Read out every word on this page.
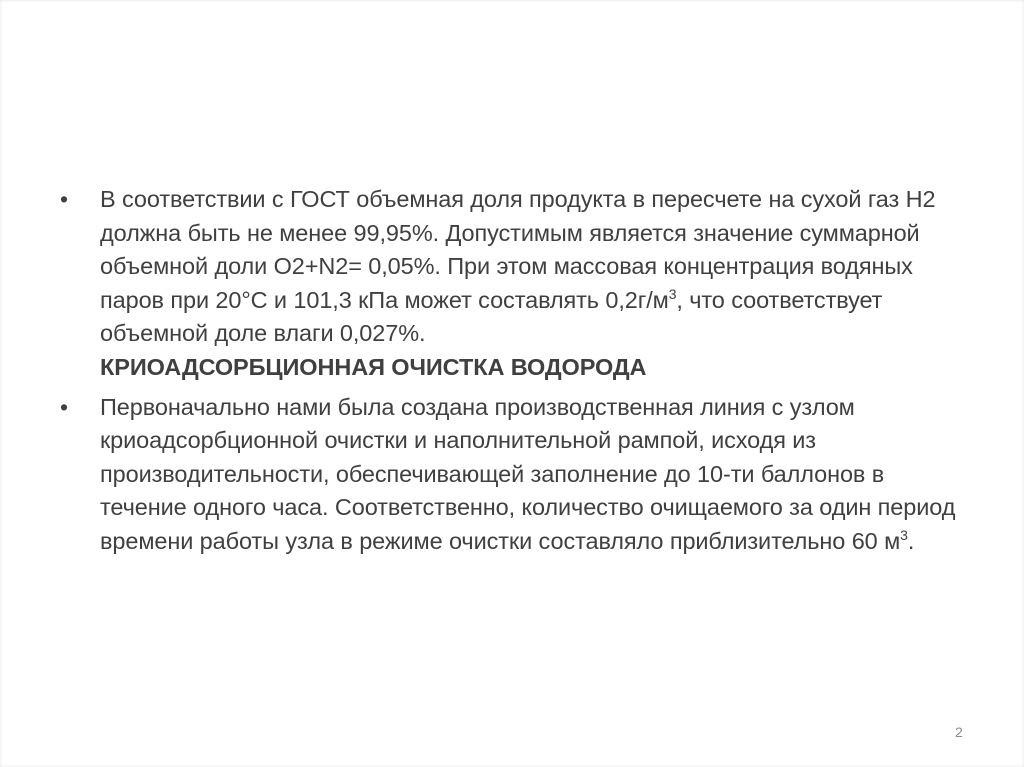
•	В соответствии с ГОСТ объемная доля продукта в пересчете на сухой газ H2 должна быть не менее 99,95%. Допустимым является значение суммарной объемной доли O2+N2= 0,05%. При этом массовая концентрация водяных паров при 20°C и 101,3 кПа может составлять $0,2г/м^3$, что соответствует объемной доле влаги 0,027%.
КРИОАДСОРБЦИОННАЯ ОЧИСТКА ВОДОРОДА
•	Первоначально нами была создана производственная линия с узлом криоадсорбционной очистки и наполнительной рампой, исходя из производительности, обеспечивающей заполнение до 10-ти баллонов в течение одного часа. Соответственно, количество очищаемого за один период времени работы узла в режиме очистки составляло приблизительно 60 $м^3$.
2
